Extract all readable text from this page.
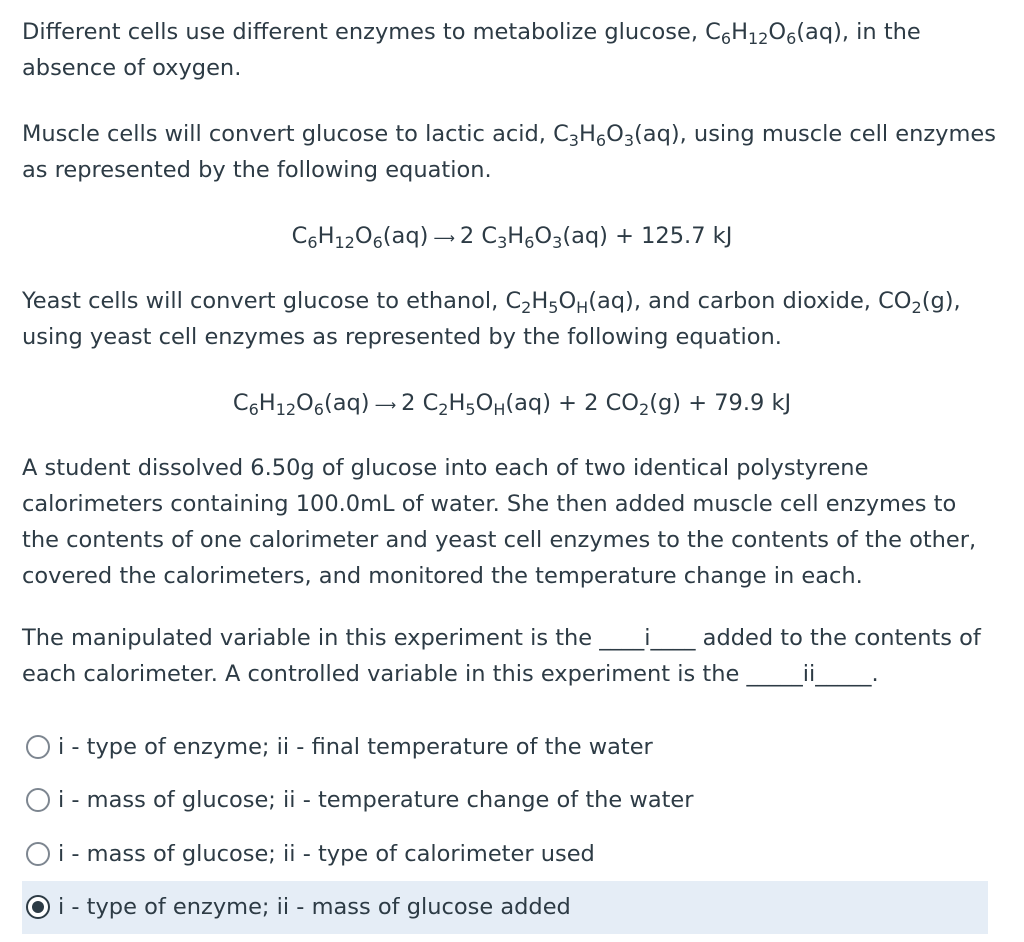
Different cells use different enzymes to metabolize glucose, $C_6H_{12}O_6(aq)$, in the absence of oxygen.

Muscle cells will convert glucose to lactic acid, $C_3H_6O_3(aq)$, using muscle cell enzymes as represented by the following equation.

$C_6H_{12}O_6(aq)$ ⟶ 2 $C_3H_6O_3(aq) + 125.7$ kJ

Yeast cells will convert glucose to ethanol, $C_2H_5O_H(aq)$, and carbon dioxide, $CO_2(g)$, using yeast cell enzymes as represented by the following equation.

$C_6H_{12}O_6(aq)$ ⟶ 2 $C_2H_5O_H(aq) + 2$ $CO_2(g) + 79.9$ kJ

A student dissolved 6.50g of glucose into each of two identical polystyrene calorimeters containing 100.0mL of water. She then added muscle cell enzymes to the contents of one calorimeter and yeast cell enzymes to the contents of the other, covered the calorimeters, and monitored the temperature change in each.

The manipulated variable in this experiment is the ____i____ added to the contents of each calorimeter. A controlled variable in this experiment is the _____ii_____.

i - type of enzyme; ii - final temperature of the water
i - mass of glucose; ii - temperature change of the water
i - mass of glucose; ii - type of calorimeter used
i - type of enzyme; ii - mass of glucose added
